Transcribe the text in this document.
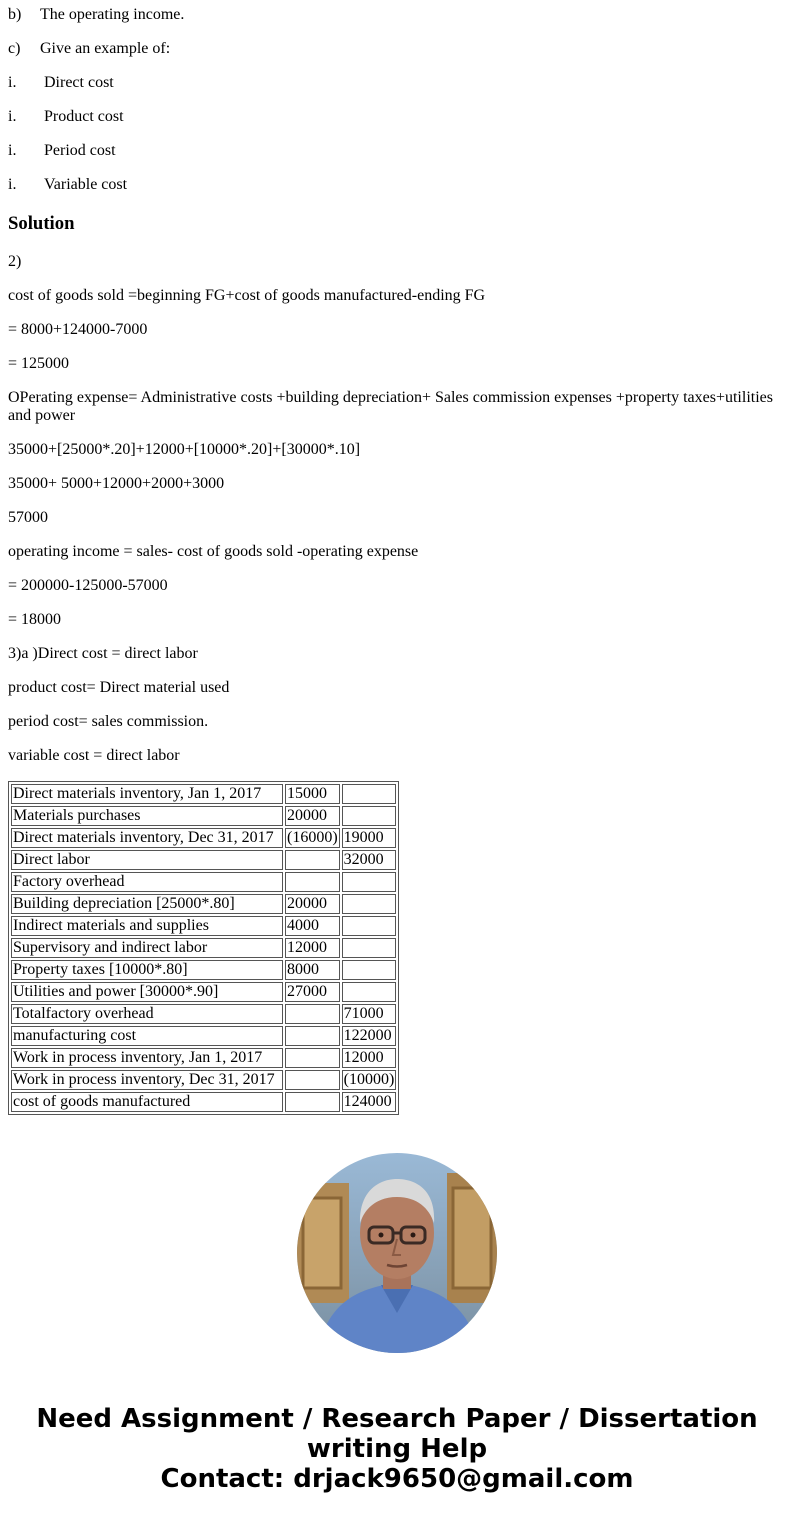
b)	The operating income.

c)	Give an example of:

i.	Direct cost

i.	Product cost

i.	Period cost

i.	Variable cost

Solution

2)

cost of goods sold =beginning FG+cost of goods manufactured-ending FG

= 8000+124000-7000

= 125000

OPerating expense= Administrative costs +building depreciation+ Sales commission expenses +property taxes+utilities and power

35000+[25000*.20]+12000+[10000*.20]+[30000*.10]

35000+ 5000+12000+2000+3000

57000

operating income = sales- cost of goods sold -operating expense

= 200000-125000-57000

= 18000

3)a )Direct cost = direct labor

product cost= Direct material used

period cost= sales commission.

variable cost = direct labor

Direct materials inventory, Jan 1, 2017	15000	
Materials purchases	20000	
Direct materials inventory, Dec 31, 2017	(16000)	19000
Direct labor		32000
Factory overhead		
Building depreciation [25000*.80]	20000	
Indirect materials and supplies	4000	
Supervisory and indirect labor	12000	
Property taxes [10000*.80]	8000	
Utilities and power [30000*.90]	27000	
Totalfactory overhead		71000
manufacturing cost		122000
Work in process inventory, Jan 1, 2017		12000
Work in process inventory, Dec 31, 2017		(10000)
cost of goods manufactured		124000
Need Assignment / Research Paper / Dissertation
writing Help
Contact: drjack9650@gmail.com
